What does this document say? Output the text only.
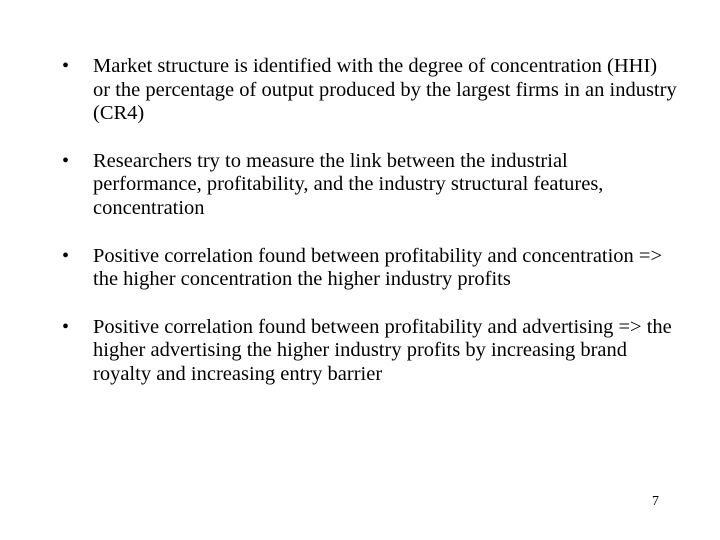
• Market structure is identified with the degree of concentration (HHI) or the percentage of output produced by the largest firms in an industry (CR4)
• Researchers try to measure the link between the industrial performance, profitability, and the industry structural features, concentration
• Positive correlation found between profitability and concentration => the higher concentration the higher industry profits
• Positive correlation found between profitability and advertising => the higher advertising the higher industry profits by increasing brand royalty and increasing entry barrier
7
